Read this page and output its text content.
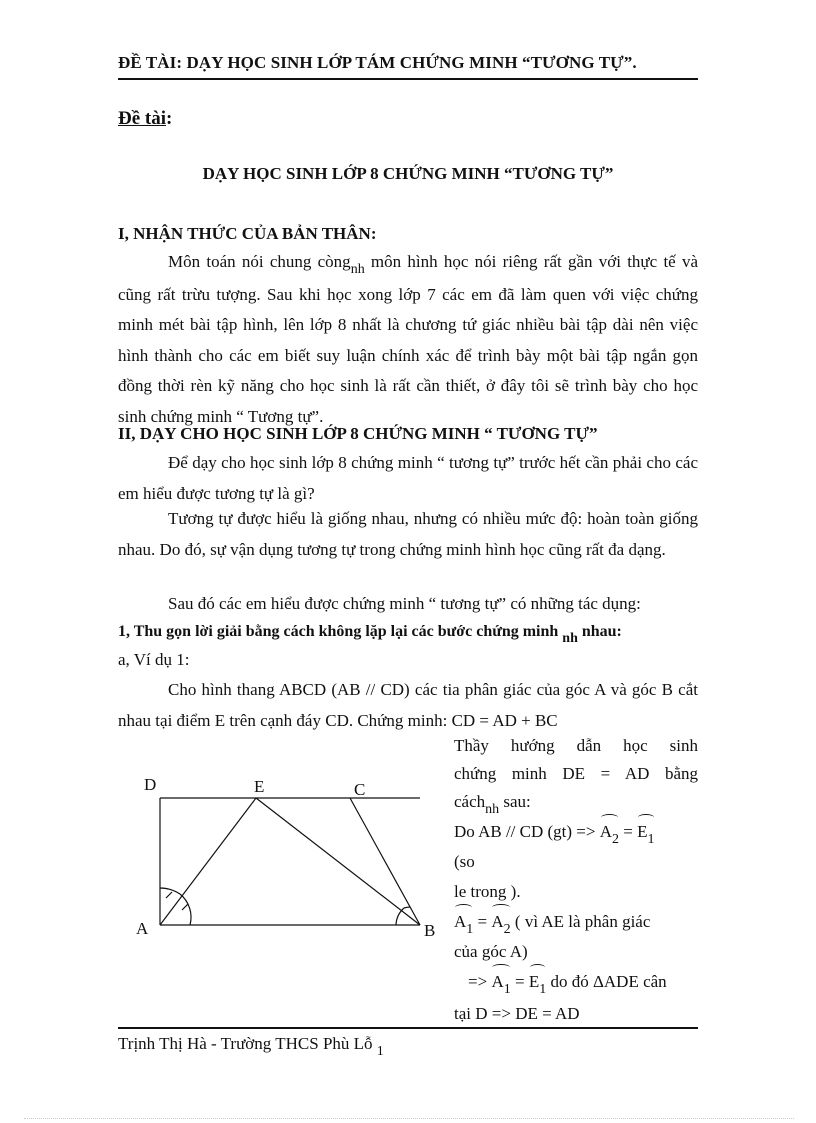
ĐỀ TÀI: DẠY HỌC SINH LỚP TÁM CHỨNG MINH “TƯƠNG TỰ”.
Đề tài:
DẠY HỌC SINH LỚP 8 CHỨNG MINH “TƯƠNG TỰ”
I, NHẬN THỨC CỦA BẢN THÂN:
Môn toán nói chung còng$_{nh}$ môn hình học nói riêng rất gần với thực tế và cũng rất trừu tượng. Sau khi học xong lớp 7 các em đã làm quen với việc chứng minh mét bài tập hình, lên lớp 8 nhất là chương tứ giác nhiều bài tập dài nên việc hình thành cho các em biết suy luận chính xác để trình bày một bài tập ngắn gọn đồng thời rèn kỹ năng cho học sinh là rất cần thiết, ở đây tôi sẽ trình bày cho học sinh chứng minh “ Tương tự”.
II, DẠY CHO HỌC SINH LỚP 8 CHỨNG MINH “ TƯƠNG TỰ”
Để dạy cho học sinh lớp 8 chứng minh “ tương tự” trước hết cần phải cho các em hiểu được tương tự là gì?
Tương tự được hiểu là giống nhau, nhưng có nhiều mức độ: hoàn toàn giống nhau. Do đó, sự vận dụng tương tự trong chứng minh hình học cũng rất đa dạng.
Sau đó các em hiểu được chứng minh “ tương tự” có những tác dụng:
1, Thu gọn lời giải bằng cách không lặp lại các bước chứng minh nh nhau:
a, Ví dụ 1:
Cho hình thang ABCD (AB // CD) các tia phân giác của góc A và góc B cắt nhau tại điểm E trên cạnh đáy CD. Chứng minh: CD = AD + BC
D	E	C
A	B
Thầy hướng dẫn học sinh
chứng minh DE = AD bằng
cách$_{nh}$ sau:
Do AB // CD $(gt) => A_2 = E_1$
(so
le trong ).
$A_1 = A_2$ ( vì AE là phân giác
của góc A)
=> $A_1 = E_1$ do đó ΔADE cân
tại D => DE = AD
Trịnh Thị Hà - Trường THCS Phù Lỗ $_1$
